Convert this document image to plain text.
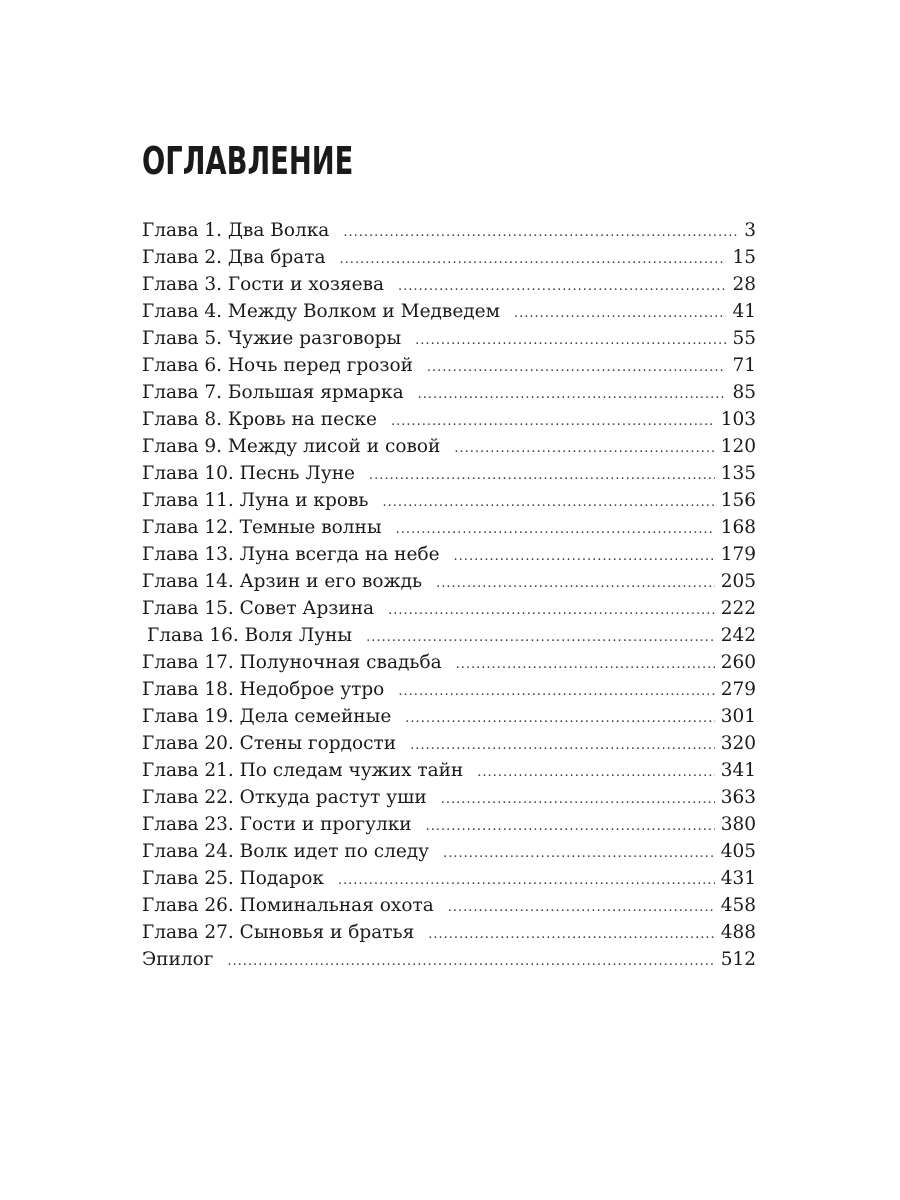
ОГЛАВЛЕНИЕ
Глава 1. Два Волка .....	3
Глава 2. Два брата .....	15
Глава 3. Гости и хозяева .....	28
Глава 4. Между Волком и Медведем .....	41
Глава 5. Чужие разговоры .....	55
Глава 6. Ночь перед грозой .....	71
Глава 7. Большая ярмарка .....	85
Глава 8. Кровь на песке .....	103
Глава 9. Между лисой и совой .....	120
Глава 10. Песнь Луне .....	135
Глава 11. Луна и кровь .....	156
Глава 12. Темные волны .....	168
Глава 13. Луна всегда на небе .....	179
Глава 14. Арзин и его вождь .....	205
Глава 15. Совет Арзина .....	222
Глава 16. Воля Луны .....	242
Глава 17. Полуночная свадьба .....	260
Глава 18. Недоброе утро .....	279
Глава 19. Дела семейные .....	301
Глава 20. Стены гордости .....	320
Глава 21. По следам чужих тайн .....	341
Глава 22. Откуда растут уши .....	363
Глава 23. Гости и прогулки .....	380
Глава 24. Волк идет по следу .....	405
Глава 25. Подарок .....	431
Глава 26. Поминальная охота .....	458
Глава 27. Сыновья и братья .....	488
Эпилог .....	512
